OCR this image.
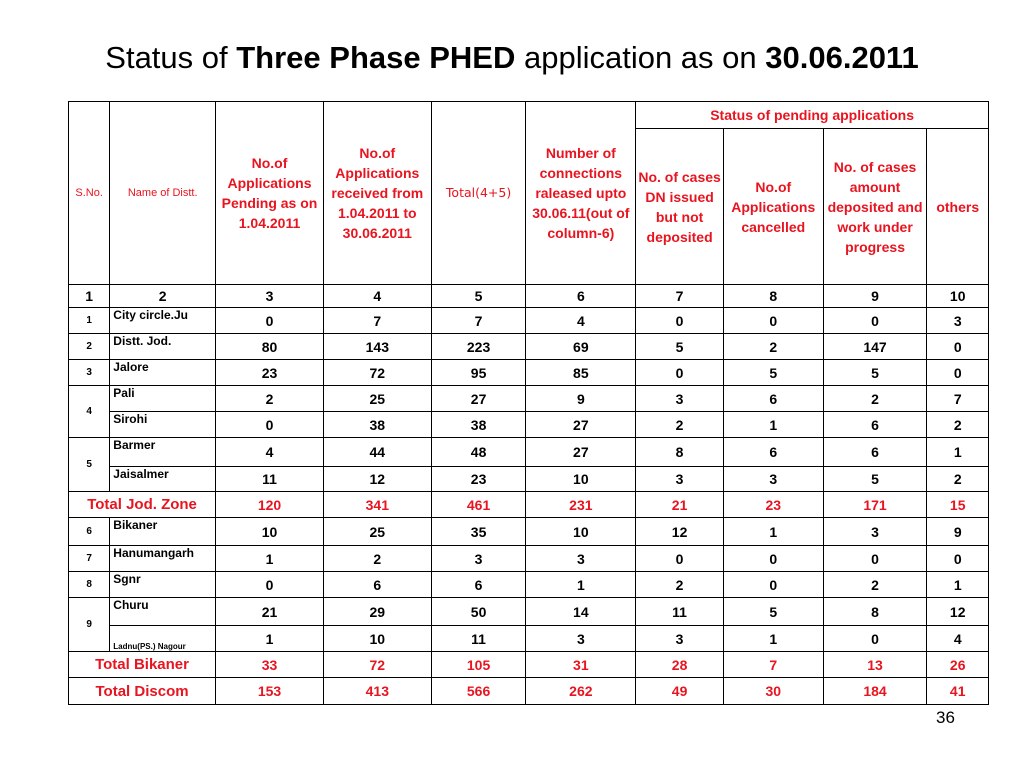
Status of Three Phase PHED application as on 30.06.2011
S.No.	Name of Distt.	No.of Applications Pending as on 1.04.2011	No.of Applications received from 1.04.2011 to 30.06.2011	Total(4+5)	Number of connections raleased upto 30.06.11(out of column-6)	Status of pending applications			
						No. of cases DN issued but not deposited	No.of Applications cancelled	No. of cases amount deposited and work under progress	others
1	2	3	4	5	6	7	8	9	10
1	City circle.Ju	0	7	7	4	0	0	0	3
2	Distt. Jod.	80	143	223	69	5	2	147	0
3	Jalore	23	72	95	85	0	5	5	0
4	Pali	2	25	27	9	3	6	2	7
	Sirohi	0	38	38	27	2	1	6	2
5	Barmer	4	44	48	27	8	6	6	1
	Jaisalmer	11	12	23	10	3	3	5	2
Total Jod. Zone		120	341	461	231	21	23	171	15
6	Bikaner	10	25	35	10	12	1	3	9
7	Hanumangarh	1	2	3	3	0	0	0	0
8	Sgnr	0	6	6	1	2	0	2	1
9	Churu	21	29	50	14	11	5	8	12
	Ladnu(PS.) Nagour	1	10	11	3	3	1	0	4
Total Bikaner		33	72	105	31	28	7	13	26
Total Discom		153	413	566	262	49	30	184	41
36
